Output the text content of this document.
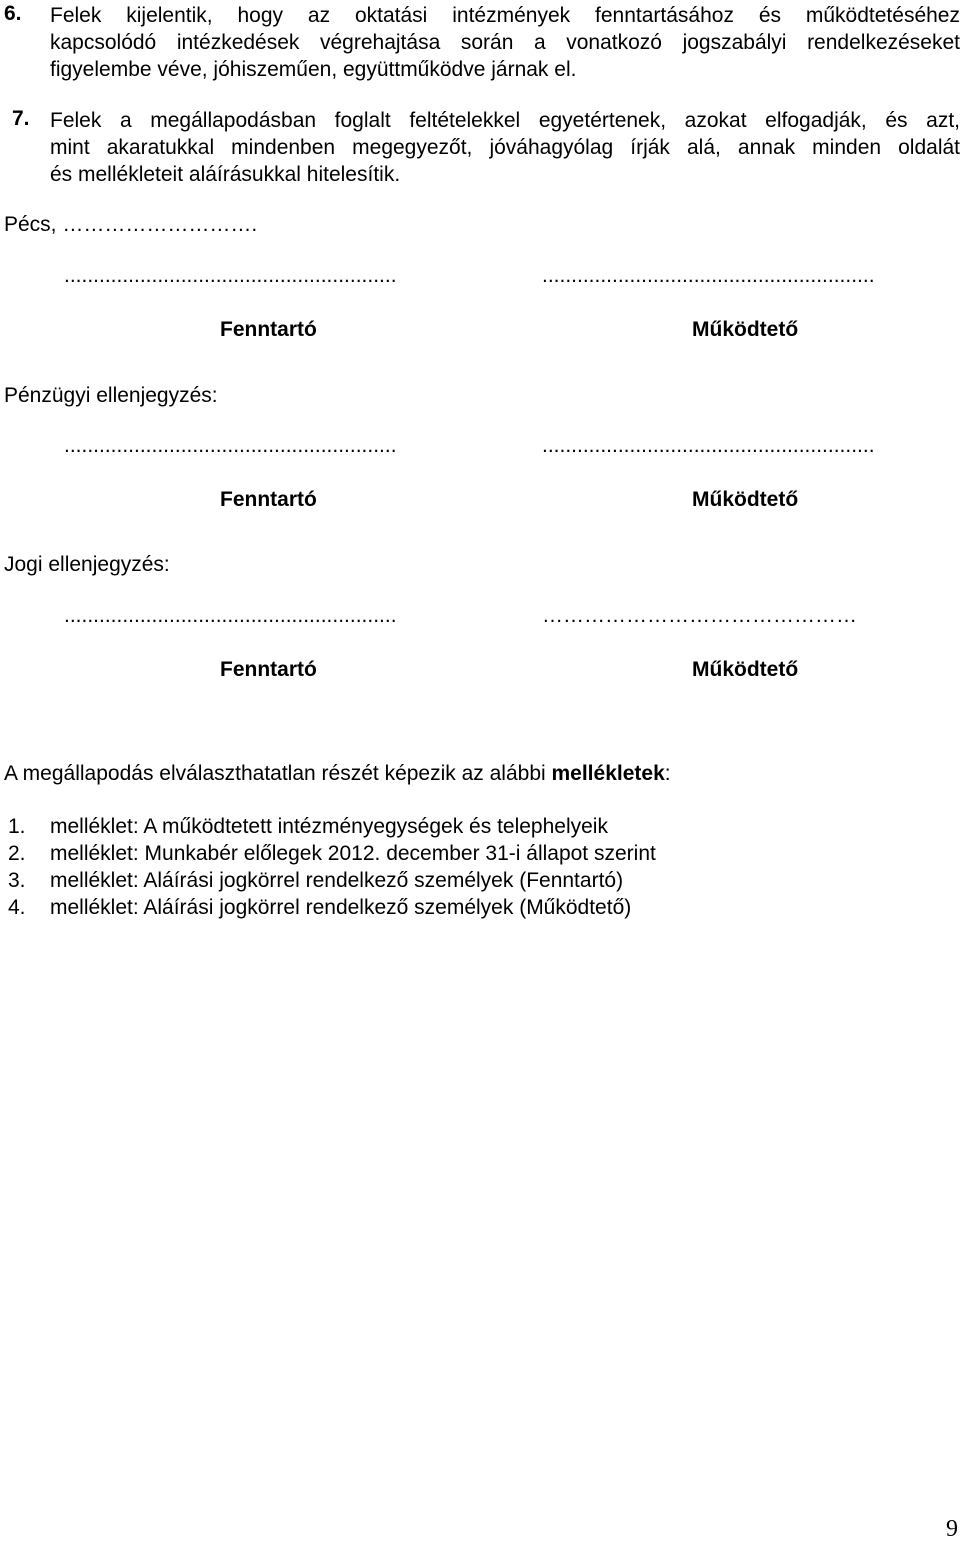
6. Felek kijelentik, hogy az oktatási intézmények fenntartásához és működtetéséhez
kapcsolódó intézkedések végrehajtása során a vonatkozó jogszabályi rendelkezéseket
figyelembe véve, jóhiszeműen, együttműködve járnak el.
7. Felek a megállapodásban foglalt feltételekkel egyetértenek, azokat elfogadják, és azt,
mint akaratukkal mindenben megegyezőt, jóváhagyólag írják alá, annak minden oldalát
és mellékleteit aláírásukkal hitelesítik.
Pécs, ……………………….
.........................................................	.........................................................
Fenntartó	Működtető
Pénzügyi ellenjegyzés:
.........................................................	.........................................................
Fenntartó	Működtető
Jogi ellenjegyzés:
.........................................................	………………………………………
Fenntartó	Működtető
A megállapodás elválaszthatatlan részét képezik az alábbi mellékletek:
1. melléklet: A működtetett intézményegységek és telephelyeik
2. melléklet: Munkabér előlegek 2012. december 31-i állapot szerint
3. melléklet: Aláírási jogkörrel rendelkező személyek (Fenntartó)
4. melléklet: Aláírási jogkörrel rendelkező személyek (Működtető)
9
